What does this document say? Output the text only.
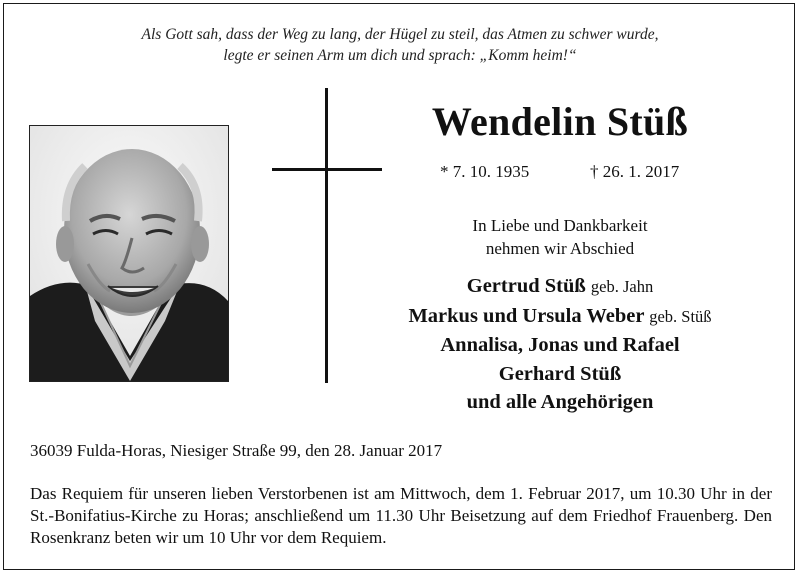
Als Gott sah, dass der Weg zu lang, der Hügel zu steil, das Atmen zu schwer wurde,
legte er seinen Arm um dich und sprach: „Komm heim!“
Wendelin Stüß
* 7. 10. 1935	† 26. 1. 2017
In Liebe und Dankbarkeit
nehmen wir Abschied
Gertrud Stüß geb. Jahn
Markus und Ursula Weber geb. Stüß
Annalisa, Jonas und Rafael
Gerhard Stüß
und alle Angehörigen
36039 Fulda-Horas, Niesiger Straße 99, den 28. Januar 2017
Das Requiem für unseren lieben Verstorbenen ist am Mittwoch, dem 1. Februar 2017, um 10.30 Uhr in der St.-Bonifatius-Kirche zu Horas; anschließend um 11.30 Uhr Beisetzung auf dem Friedhof Frauenberg. Den Rosenkranz beten wir um 10 Uhr vor dem Requiem.
